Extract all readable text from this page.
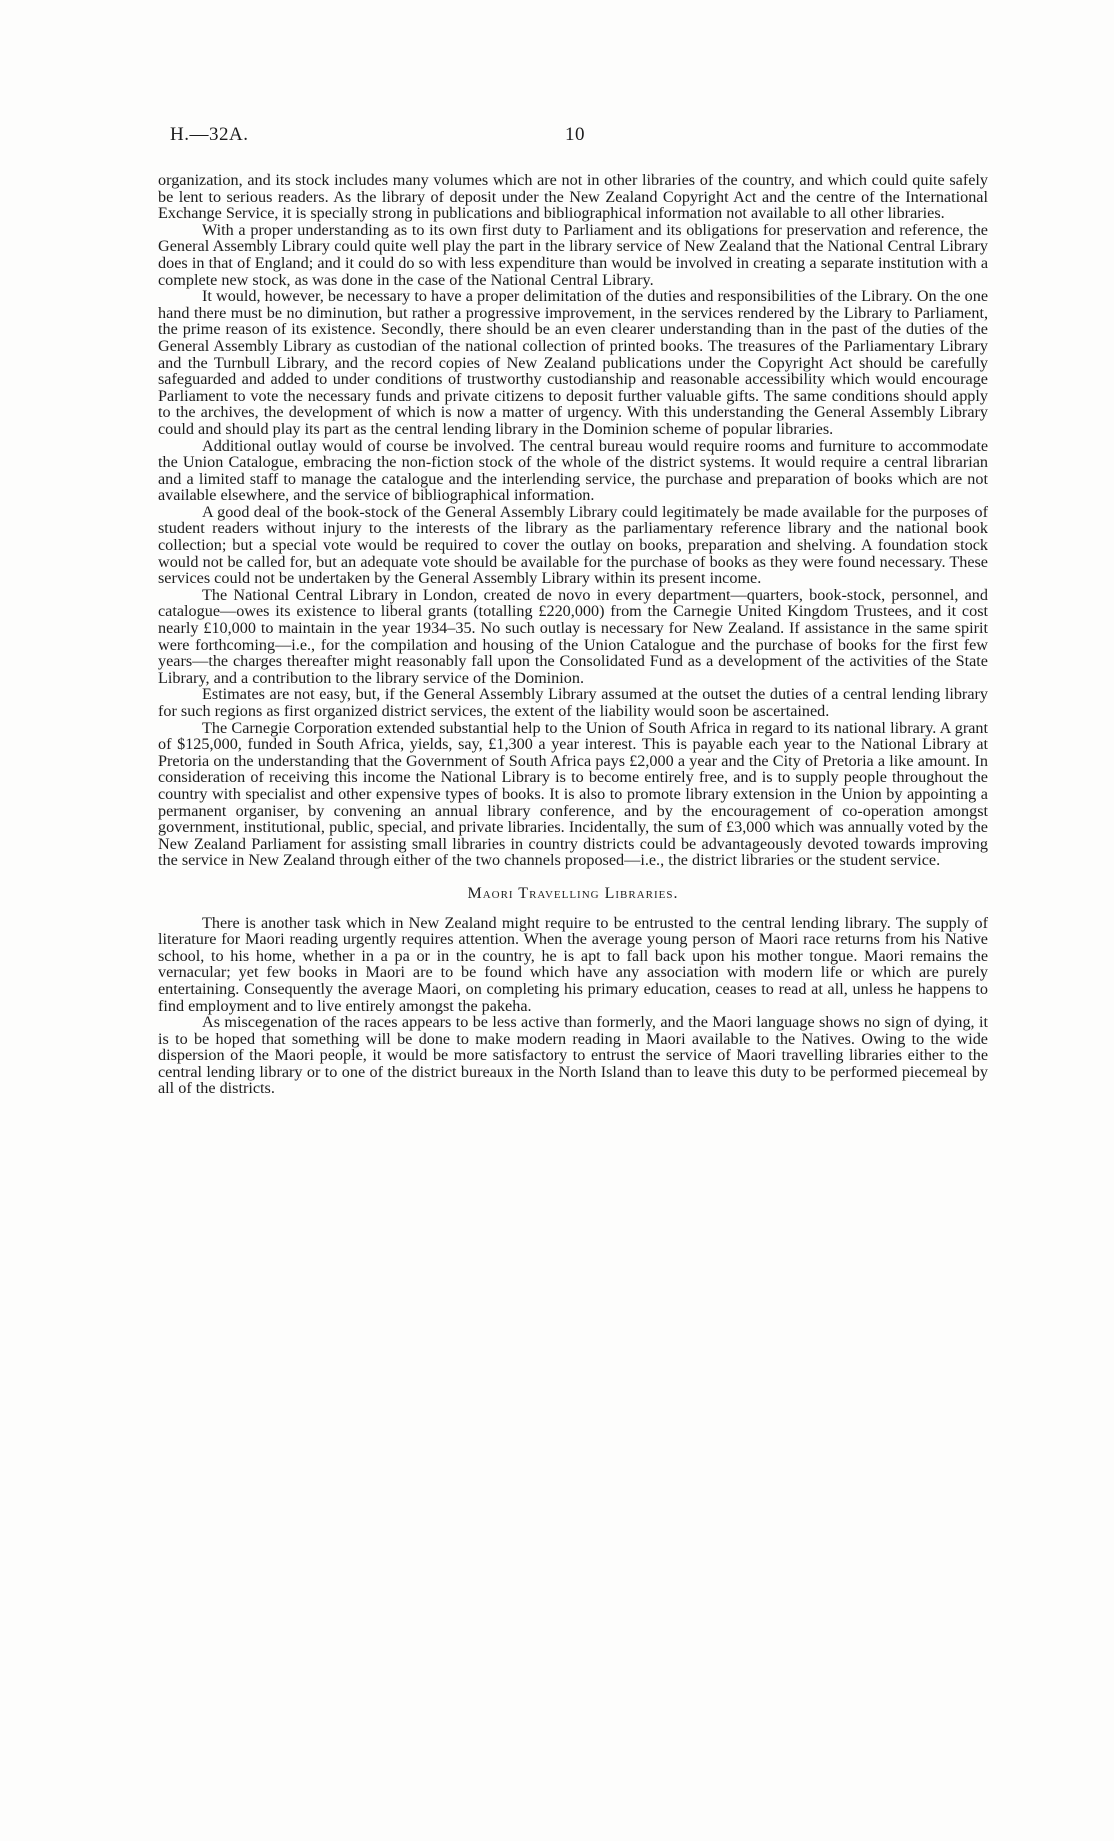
H.—32A.	10

organization, and its stock includes many volumes which are not in other libraries of the country, and which could quite safely be lent to serious readers. As the library of deposit under the New Zealand Copyright Act and the centre of the International Exchange Service, it is specially strong in publications and bibliographical information not available to all other libraries.

With a proper understanding as to its own first duty to Parliament and its obligations for preservation and reference, the General Assembly Library could quite well play the part in the library service of New Zealand that the National Central Library does in that of England; and it could do so with less expenditure than would be involved in creating a separate institution with a complete new stock, as was done in the case of the National Central Library.

It would, however, be necessary to have a proper delimitation of the duties and responsibilities of the Library. On the one hand there must be no diminution, but rather a progressive improvement, in the services rendered by the Library to Parliament, the prime reason of its existence. Secondly, there should be an even clearer understanding than in the past of the duties of the General Assembly Library as custodian of the national collection of printed books. The treasures of the Parliamentary Library and the Turnbull Library, and the record copies of New Zealand publications under the Copyright Act should be carefully safeguarded and added to under conditions of trustworthy custodianship and reasonable accessibility which would encourage Parliament to vote the necessary funds and private citizens to deposit further valuable gifts. The same conditions should apply to the archives, the development of which is now a matter of urgency. With this understanding the General Assembly Library could and should play its part as the central lending library in the Dominion scheme of popular libraries.

Additional outlay would of course be involved. The central bureau would require rooms and furniture to accommodate the Union Catalogue, embracing the non-fiction stock of the whole of the district systems. It would require a central librarian and a limited staff to manage the catalogue and the interlending service, the purchase and preparation of books which are not available elsewhere, and the service of bibliographical information.

A good deal of the book-stock of the General Assembly Library could legitimately be made available for the purposes of student readers without injury to the interests of the library as the parliamentary reference library and the national book collection; but a special vote would be required to cover the outlay on books, preparation and shelving. A foundation stock would not be called for, but an adequate vote should be available for the purchase of books as they were found necessary. These services could not be undertaken by the General Assembly Library within its present income.

The National Central Library in London, created de novo in every department—quarters, book-stock, personnel, and catalogue—owes its existence to liberal grants (totalling £220,000) from the Carnegie United Kingdom Trustees, and it cost nearly £10,000 to maintain in the year 1934–35. No such outlay is necessary for New Zealand. If assistance in the same spirit were forthcoming—i.e., for the compilation and housing of the Union Catalogue and the purchase of books for the first few years—the charges thereafter might reasonably fall upon the Consolidated Fund as a development of the activities of the State Library, and a contribution to the library service of the Dominion.

Estimates are not easy, but, if the General Assembly Library assumed at the outset the duties of a central lending library for such regions as first organized district services, the extent of the liability would soon be ascertained.

The Carnegie Corporation extended substantial help to the Union of South Africa in regard to its national library. A grant of $125,000, funded in South Africa, yields, say, £1,300 a year interest. This is payable each year to the National Library at Pretoria on the understanding that the Government of South Africa pays £2,000 a year and the City of Pretoria a like amount. In consideration of receiving this income the National Library is to become entirely free, and is to supply people throughout the country with specialist and other expensive types of books. It is also to promote library extension in the Union by appointing a permanent organiser, by convening an annual library conference, and by the encouragement of co-operation amongst government, institutional, public, special, and private libraries. Incidentally, the sum of £3,000 which was annually voted by the New Zealand Parliament for assisting small libraries in country districts could be advantageously devoted towards improving the service in New Zealand through either of the two channels proposed—i.e., the district libraries or the student service.

Maori Travelling Libraries.

There is another task which in New Zealand might require to be entrusted to the central lending library. The supply of literature for Maori reading urgently requires attention. When the average young person of Maori race returns from his Native school, to his home, whether in a pa or in the country, he is apt to fall back upon his mother tongue. Maori remains the vernacular; yet few books in Maori are to be found which have any association with modern life or which are purely entertaining. Consequently the average Maori, on completing his primary education, ceases to read at all, unless he happens to find employment and to live entirely amongst the pakeha.

As miscegenation of the races appears to be less active than formerly, and the Maori language shows no sign of dying, it is to be hoped that something will be done to make modern reading in Maori available to the Natives. Owing to the wide dispersion of the Maori people, it would be more satisfactory to entrust the service of Maori travelling libraries either to the central lending library or to one of the district bureaux in the North Island than to leave this duty to be performed piecemeal by all of the districts.
